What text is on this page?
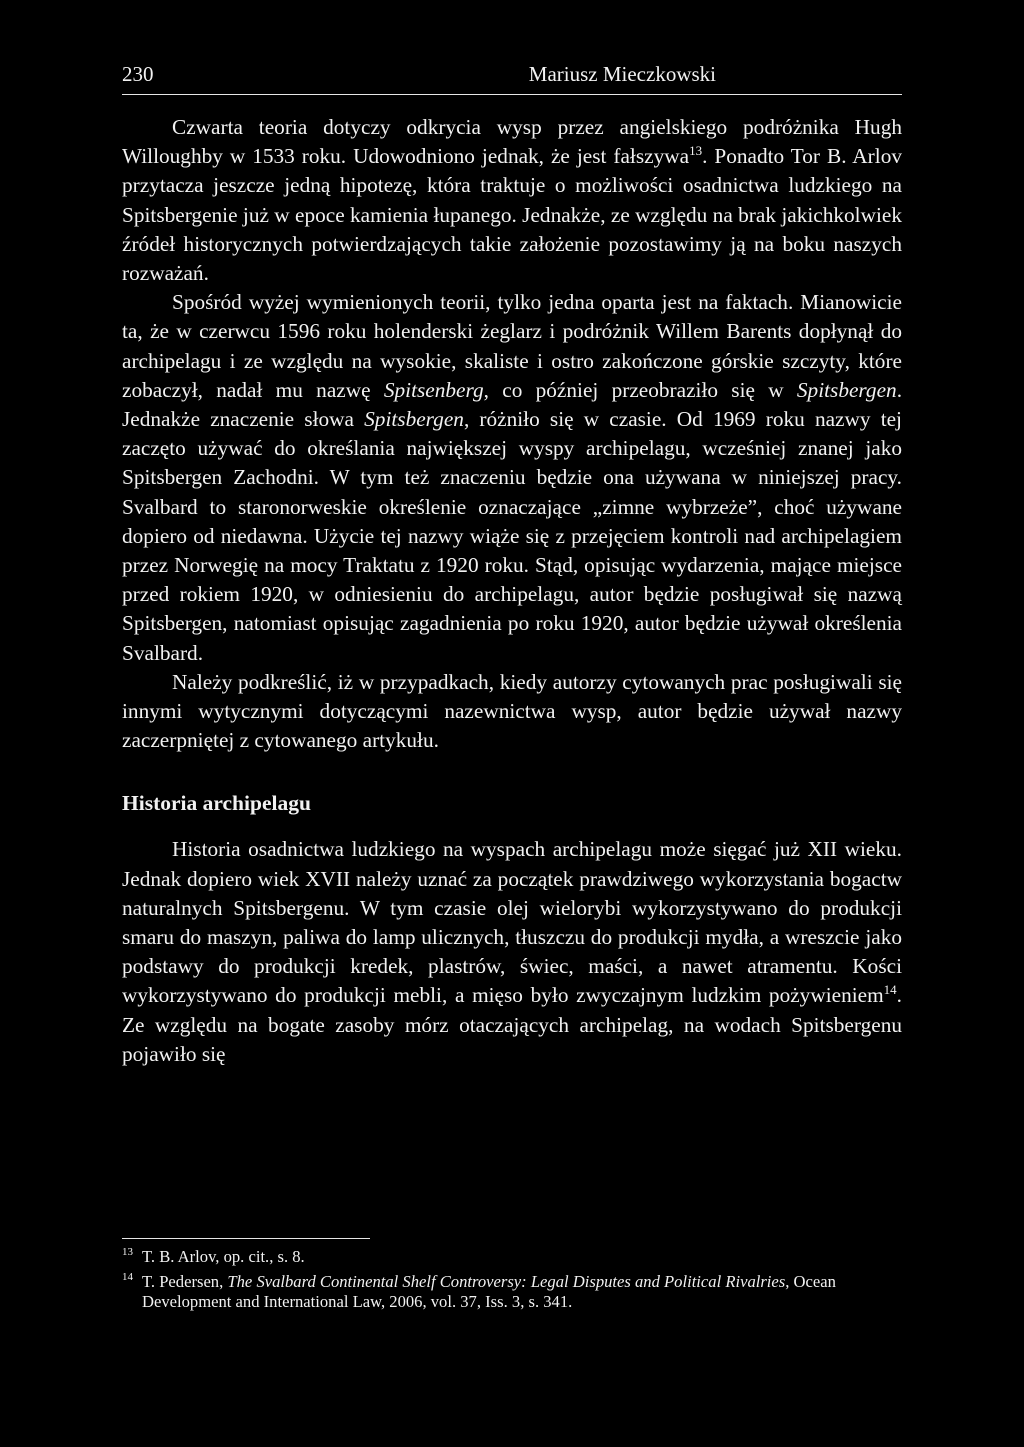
230	Mariusz Mieczkowski

Czwarta teoria dotyczy odkrycia wysp przez angielskiego podróżnika Hugh Willoughby w 1533 roku. Udowodniono jednak, że jest fałszywa$^{13}$. Ponadto Tor B. Arlov przytacza jeszcze jedną hipotezę, która traktuje o możliwości osadnictwa ludzkiego na Spitsbergenie już w epoce kamienia łupanego. Jednakże, ze względu na brak jakichkolwiek źródeł historycznych potwierdzających takie założenie pozostawimy ją na boku naszych rozważań.

Spośród wyżej wymienionych teorii, tylko jedna oparta jest na faktach. Mianowicie ta, że w czerwcu 1596 roku holenderski żeglarz i podróżnik Willem Barents dopłynął do archipelagu i ze względu na wysokie, skaliste i ostro zakończone górskie szczyty, które zobaczył, nadał mu nazwę Spitsenberg, co później przeobraziło się w Spitsbergen. Jednakże znaczenie słowa Spitsbergen, różniło się w czasie. Od 1969 roku nazwy tej zaczęto używać do określania największej wyspy archipelagu, wcześniej znanej jako Spitsbergen Zachodni. W tym też znaczeniu będzie ona używana w niniejszej pracy. Svalbard to staronorweskie określenie oznaczające „zimne wybrzeże”, choć używane dopiero od niedawna. Użycie tej nazwy wiąże się z przejęciem kontroli nad archipelagiem przez Norwegię na mocy Traktatu z 1920 roku. Stąd, opisując wydarzenia, mające miejsce przed rokiem 1920, w odniesieniu do archipelagu, autor będzie posługiwał się nazwą Spitsbergen, natomiast opisując zagadnienia po roku 1920, autor będzie używał określenia Svalbard.

Należy podkreślić, iż w przypadkach, kiedy autorzy cytowanych prac posługiwali się innymi wytycznymi dotyczącymi nazewnictwa wysp, autor będzie używał nazwy zaczerpniętej z cytowanego artykułu.

Historia archipelagu

Historia osadnictwa ludzkiego na wyspach archipelagu może sięgać już XII wieku. Jednak dopiero wiek XVII należy uznać za początek prawdziwego wykorzystania bogactw naturalnych Spitsbergenu. W tym czasie olej wielorybi wykorzystywano do produkcji smaru do maszyn, paliwa do lamp ulicznych, tłuszczu do produkcji mydła, a wreszcie jako podstawy do produkcji kredek, plastrów, świec, maści, a nawet atramentu. Kości wykorzystywano do produkcji mebli, a mięso było zwyczajnym ludzkim pożywieniem$^{14}$. Ze względu na bogate zasoby mórz otaczających archipelag, na wodach Spitsbergenu pojawiło się

$^{13}$ T. B. Arlov, op. cit., s. 8.

$^{14}$ T. Pedersen, The Svalbard Continental Shelf Controversy: Legal Disputes and Political Rivalries, Ocean Development and International Law, 2006, vol. 37, Iss. 3, s. 341.
